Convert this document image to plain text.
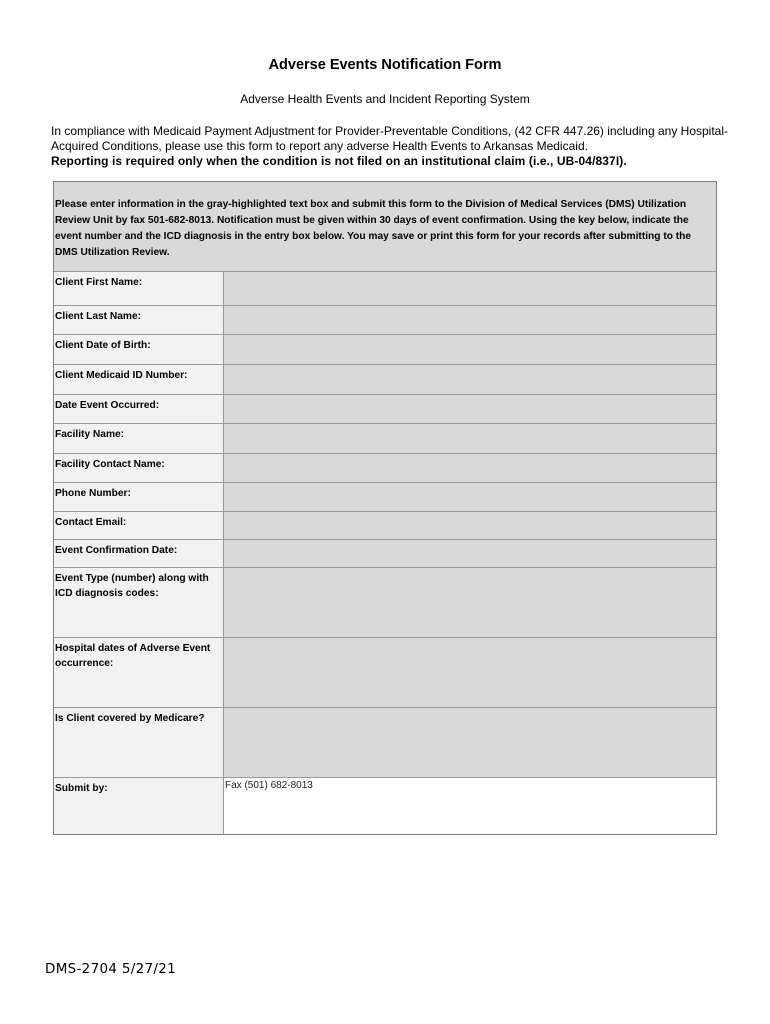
Adverse Events Notification Form
Adverse Health Events and Incident Reporting System
In compliance with Medicaid Payment Adjustment for Provider-Preventable Conditions, (42 CFR 447.26) including any Hospital-Acquired Conditions, please use this form to report any adverse Health Events to Arkansas Medicaid.
Reporting is required only when the condition is not filed on an institutional claim (i.e., UB-04/837I).
Please enter information in the gray-highlighted text box and submit this form to the Division of Medical Services (DMS) Utilization Review Unit by fax 501-682-8013. Notification must be given within 30 days of event confirmation. Using the key below, indicate the event number and the ICD diagnosis in the entry box below. You may save or print this form for your records after submitting to the DMS Utilization Review.
Client First Name:
Client Last Name:
Client Date of Birth:
Client Medicaid ID Number:
Date Event Occurred:
Facility Name:
Facility Contact Name:
Phone Number:
Contact Email:
Event Confirmation Date:
Event Type (number) along with ICD diagnosis codes:
Hospital dates of Adverse Event occurrence:
Is Client covered by Medicare?
Submit by:	Fax (501) 682-8013
DMS-2704 5/27/21
